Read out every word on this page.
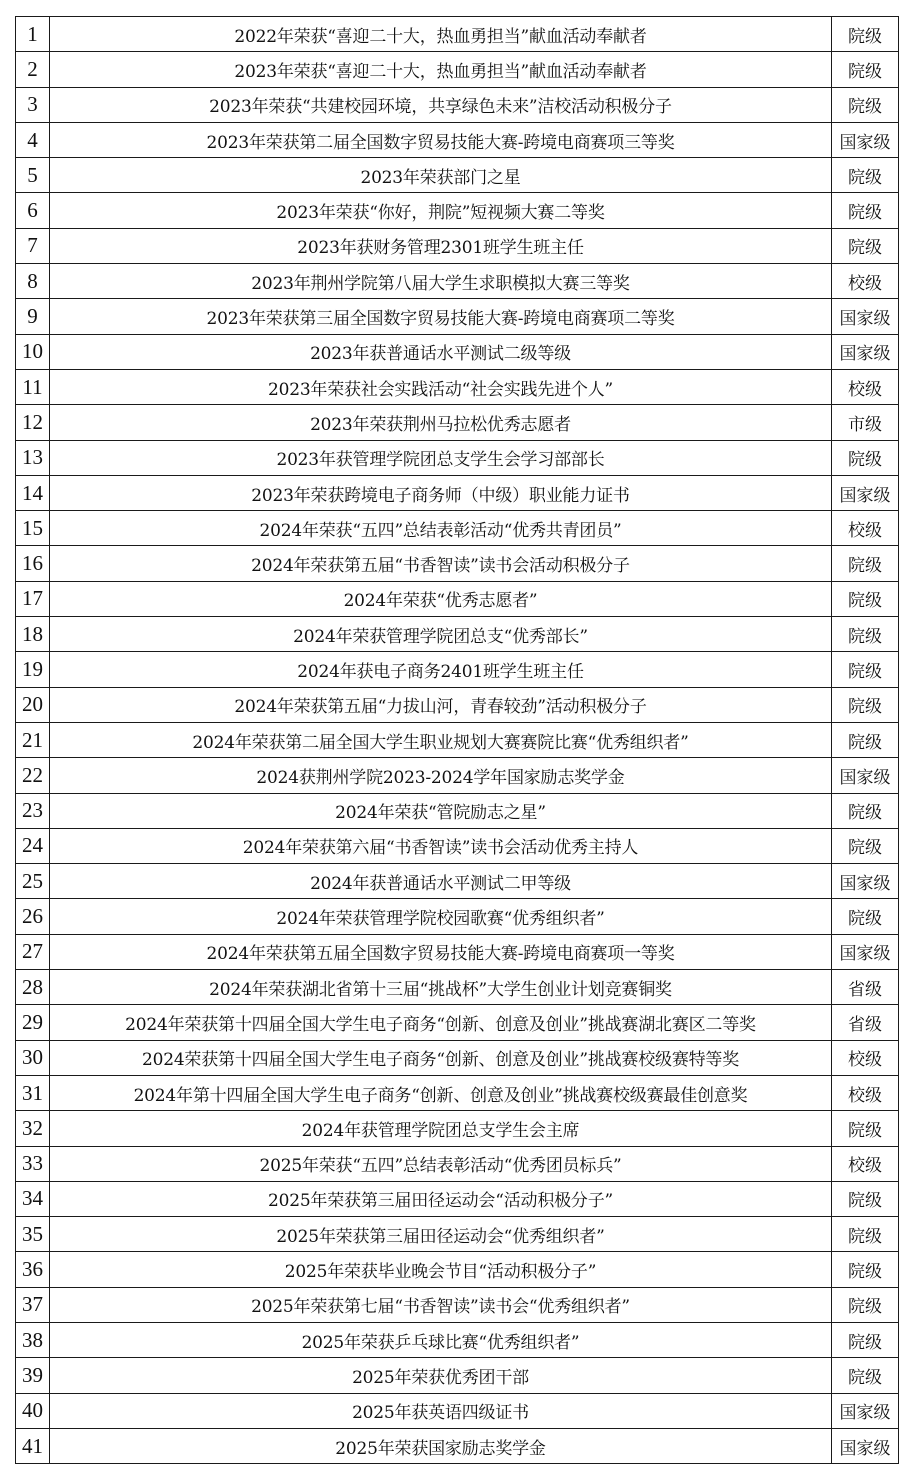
1	2022年荣获“喜迎二十大，热血勇担当”献血活动奉献者	院级
2	2023年荣获“喜迎二十大，热血勇担当”献血活动奉献者	院级
3	2023年荣获“共建校园环境，共享绿色未来”洁校活动积极分子	院级
4	2023年荣获第二届全国数字贸易技能大赛-跨境电商赛项三等奖	国家级
5	2023年荣获部门之星	院级
6	2023年荣获“你好，荆院”短视频大赛二等奖	院级
7	2023年获财务管理2301班学生班主任	院级
8	2023年荆州学院第八届大学生求职模拟大赛三等奖	校级
9	2023年荣获第三届全国数字贸易技能大赛-跨境电商赛项二等奖	国家级
10	2023年获普通话水平测试二级等级	国家级
11	2023年荣获社会实践活动“社会实践先进个人”	校级
12	2023年荣获荆州马拉松优秀志愿者	市级
13	2023年获管理学院团总支学生会学习部部长	院级
14	2023年荣获跨境电子商务师（中级）职业能力证书	国家级
15	2024年荣获“五四”总结表彰活动“优秀共青团员”	校级
16	2024年荣获第五届“书香智读”读书会活动积极分子	院级
17	2024年荣获“优秀志愿者”	院级
18	2024年荣获管理学院团总支“优秀部长”	院级
19	2024年获电子商务2401班学生班主任	院级
20	2024年荣获第五届“力拔山河，青春较劲”活动积极分子	院级
21	2024年荣获第二届全国大学生职业规划大赛赛院比赛“优秀组织者”	院级
22	2024获荆州学院2023-2024学年国家励志奖学金	国家级
23	2024年荣获“管院励志之星”	院级
24	2024年荣获第六届“书香智读”读书会活动优秀主持人	院级
25	2024年获普通话水平测试二甲等级	国家级
26	2024年荣获管理学院校园歌赛“优秀组织者”	院级
27	2024年荣获第五届全国数字贸易技能大赛-跨境电商赛项一等奖	国家级
28	2024年荣获湖北省第十三届“挑战杯”大学生创业计划竞赛铜奖	省级
29	2024年荣获第十四届全国大学生电子商务“创新、创意及创业”挑战赛湖北赛区二等奖	省级
30	2024荣获第十四届全国大学生电子商务“创新、创意及创业”挑战赛校级赛特等奖	校级
31	2024年第十四届全国大学生电子商务“创新、创意及创业”挑战赛校级赛最佳创意奖	校级
32	2024年获管理学院团总支学生会主席	院级
33	2025年荣获“五四”总结表彰活动“优秀团员标兵”	校级
34	2025年荣获第三届田径运动会“活动积极分子”	院级
35	2025年荣获第三届田径运动会“优秀组织者”	院级
36	2025年荣获毕业晚会节目“活动积极分子”	院级
37	2025年荣获第七届“书香智读”读书会“优秀组织者”	院级
38	2025年荣获乒乓球比赛“优秀组织者”	院级
39	2025年荣获优秀团干部	院级
40	2025年获英语四级证书	国家级
41	2025年荣获国家励志奖学金	国家级
